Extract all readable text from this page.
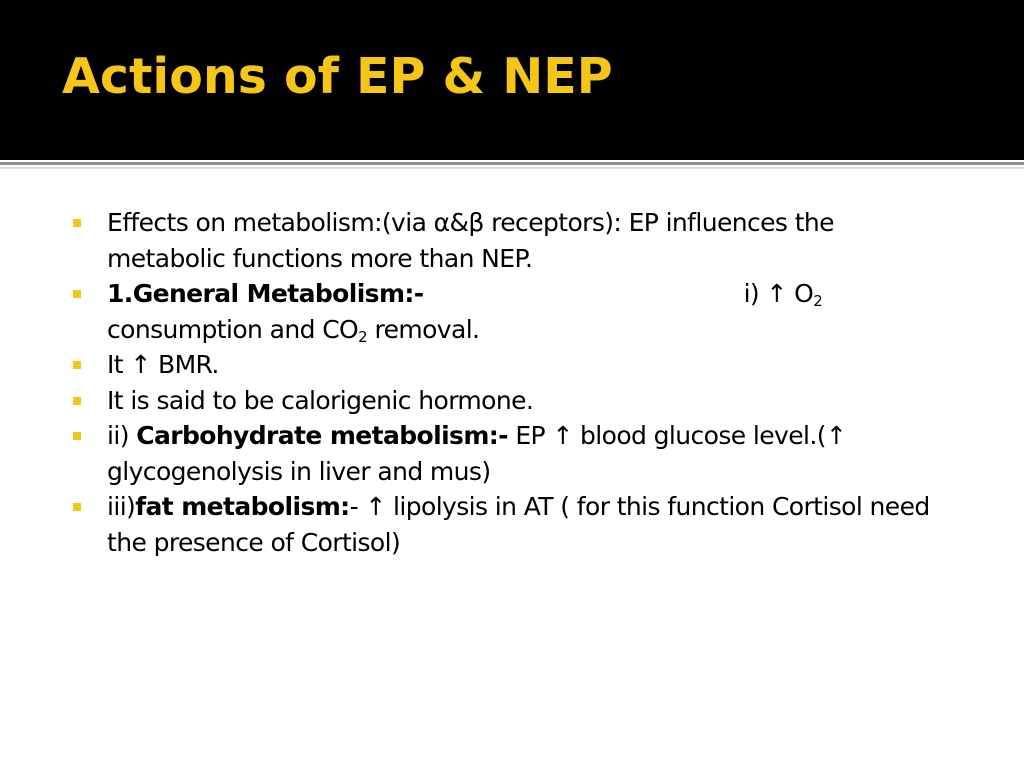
Actions of EP & NEP
Effects on metabolism:(via α&β receptors): EP influences the metabolic functions more than NEP.
1.General Metabolism:-	i) ↑ $O_2$
consumption and $CO_2$ removal.
It ↑ BMR.
It is said to be calorigenic hormone.
ii) Carbohydrate metabolism:- EP ↑ blood glucose level.(↑ glycogenolysis in liver and mus)
iii)fat metabolism:- ↑ lipolysis in AT ( for this function Cortisol need the presence of Cortisol)
